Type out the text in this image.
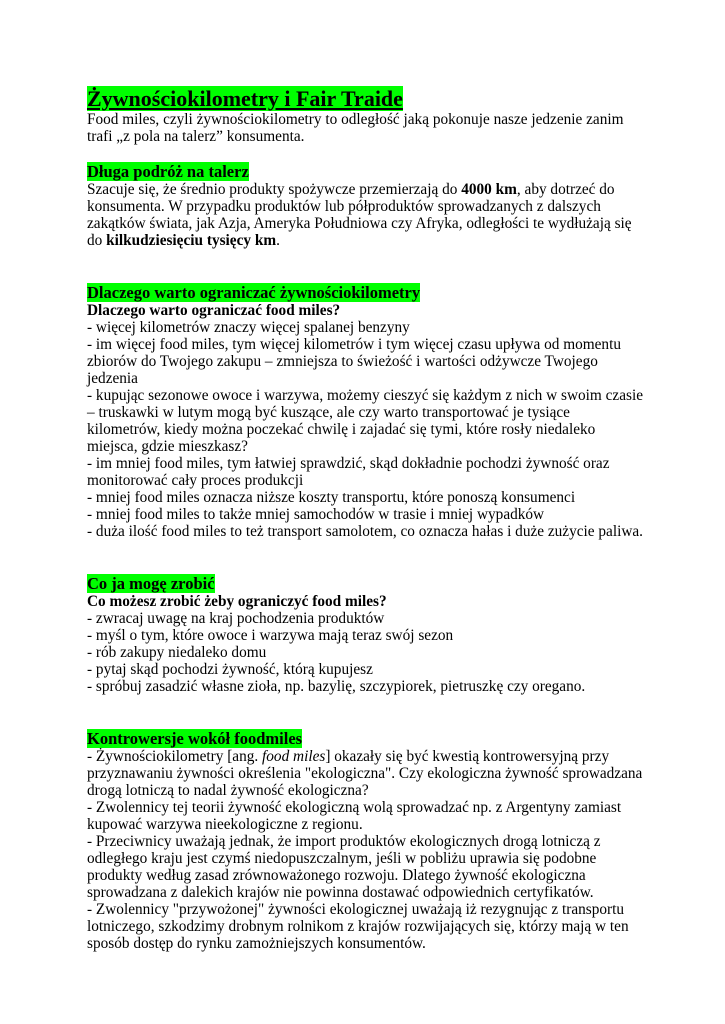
Żywnościokilometry i Fair Traide

Food miles, czyli żywnościokilometry to odległość jaką pokonuje nasze jedzenie zanim trafi „z pola na talerz” konsumenta.

Długa podróż na talerz

Szacuje się, że średnio produkty spożywcze przemierzają do 4000 km, aby dotrzeć do konsumenta. W przypadku produktów lub półproduktów sprowadzanych z dalszych zakątków świata, jak Azja, Ameryka Południowa czy Afryka, odległości te wydłużają się do kilkudziesięciu tysięcy km.

Dlaczego warto ograniczać żywnościokilometry

Dlaczego warto ograniczać food miles?

- więcej kilometrów znaczy więcej spalanej benzyny
- im więcej food miles, tym więcej kilometrów i tym więcej czasu upływa od momentu zbiorów do Twojego zakupu – zmniejsza to świeżość i wartości odżywcze Twojego jedzenia
- kupując sezonowe owoce i warzywa, możemy cieszyć się każdym z nich w swoim czasie – truskawki w lutym mogą być kuszące, ale czy warto transportować je tysiące kilometrów, kiedy można poczekać chwilę i zajadać się tymi, które rosły niedaleko miejsca, gdzie mieszkasz?
- im mniej food miles, tym łatwiej sprawdzić, skąd dokładnie pochodzi żywność oraz monitorować cały proces produkcji
- mniej food miles oznacza niższe koszty transportu, które ponoszą konsumenci
- mniej food miles to także mniej samochodów w trasie i mniej wypadków
- duża ilość food miles to też transport samolotem, co oznacza hałas i duże zużycie paliwa.
Co ja mogę zrobić

Co możesz zrobić żeby ograniczyć food miles?

- zwracaj uwagę na kraj pochodzenia produktów
- myśl o tym, które owoce i warzywa mają teraz swój sezon
- rób zakupy niedaleko domu
- pytaj skąd pochodzi żywność, którą kupujesz
- spróbuj zasadzić własne zioła, np. bazylię, szczypiorek, pietruszkę czy oregano.
Kontrowersje wokół foodmiles

- Żywnościokilometry [ang. food miles] okazały się być kwestią kontrowersyjną przy przyznawaniu żywności określenia "ekologiczna". Czy ekologiczna żywność sprowadzana drogą lotniczą to nadal żywność ekologiczna?

- Zwolennicy tej teorii żywność ekologiczną wolą sprowadzać np. z Argentyny zamiast kupować warzywa nieekologiczne z regionu.

- Przeciwnicy uważają jednak, że import produktów ekologicznych drogą lotniczą z odległego kraju jest czymś niedopuszczalnym, jeśli w pobliżu uprawia się podobne produkty według zasad zrównoważonego rozwoju. Dlatego żywność ekologiczna sprowadzana z dalekich krajów nie powinna dostawać odpowiednich certyfikatów.

- Zwolennicy "przywożonej" żywności ekologicznej uważają iż rezygnując z transportu lotniczego, szkodzimy drobnym rolnikom z krajów rozwijających się, którzy mają w ten sposób dostęp do rynku zamożniejszych konsumentów.
